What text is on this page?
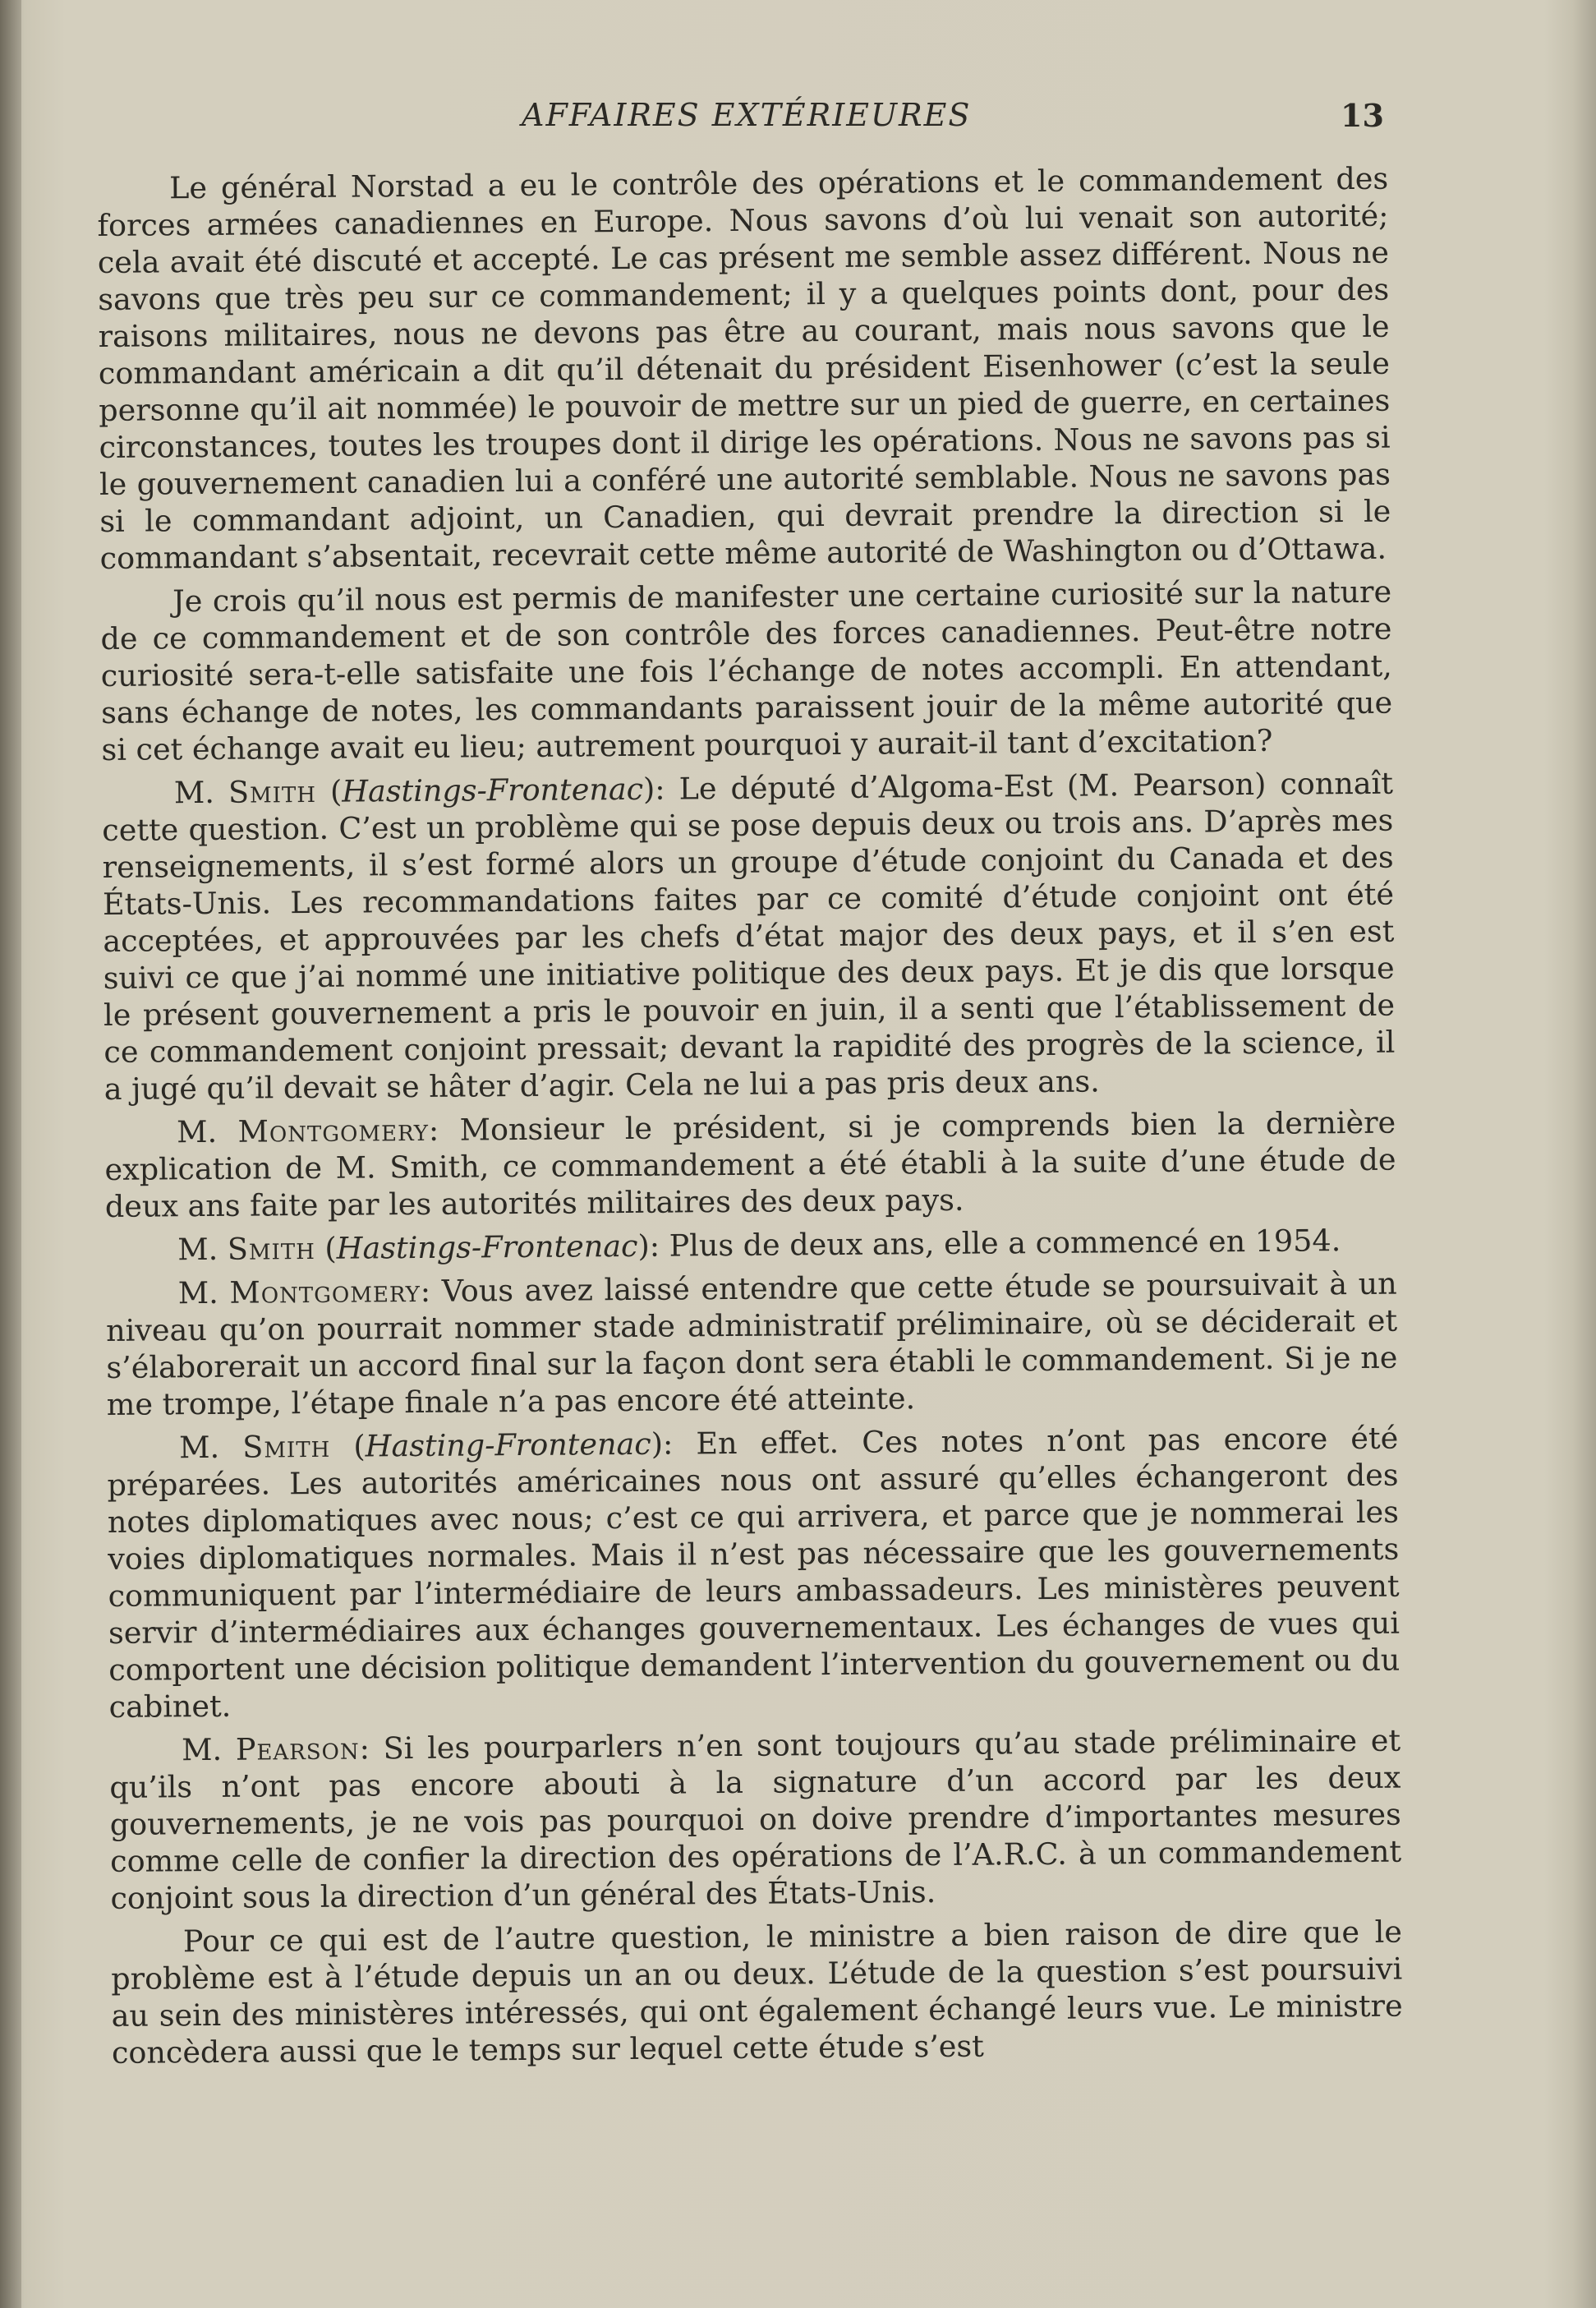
AFFAIRES EXTÉRIEURES	13

Le général Norstad a eu le contrôle des opérations et le commandement des forces armées canadiennes en Europe. Nous savons d’où lui venait son autorité; cela avait été discuté et accepté. Le cas présent me semble assez différent. Nous ne savons que très peu sur ce commandement; il y a quelques points dont, pour des raisons militaires, nous ne devons pas être au courant, mais nous savons que le commandant américain a dit qu’il détenait du président Eisenhower (c’est la seule personne qu’il ait nommée) le pouvoir de mettre sur un pied de guerre, en certaines circonstances, toutes les troupes dont il dirige les opérations. Nous ne savons pas si le gouvernement canadien lui a conféré une autorité semblable. Nous ne savons pas si le commandant adjoint, un Canadien, qui devrait prendre la direction si le commandant s’absentait, recevrait cette même autorité de Washington ou d’Ottawa.

Je crois qu’il nous est permis de manifester une certaine curiosité sur la nature de ce commandement et de son contrôle des forces canadiennes. Peut-être notre curiosité sera-t-elle satisfaite une fois l’échange de notes accompli. En attendant, sans échange de notes, les commandants paraissent jouir de la même autorité que si cet échange avait eu lieu; autrement pourquoi y aurait-il tant d’excitation?

M. Smith (Hastings-Frontenac): Le député d’Algoma-Est (M. Pearson) connaît cette question. C’est un problème qui se pose depuis deux ou trois ans. D’après mes renseignements, il s’est formé alors un groupe d’étude conjoint du Canada et des États-Unis. Les recommandations faites par ce comité d’étude conjoint ont été acceptées, et approuvées par les chefs d’état major des deux pays, et il s’en est suivi ce que j’ai nommé une initiative politique des deux pays. Et je dis que lorsque le présent gouvernement a pris le pouvoir en juin, il a senti que l’établissement de ce commandement conjoint pressait; devant la rapidité des progrès de la science, il a jugé qu’il devait se hâter d’agir. Cela ne lui a pas pris deux ans.

M. Montgomery: Monsieur le président, si je comprends bien la dernière explication de M. Smith, ce commandement a été établi à la suite d’une étude de deux ans faite par les autorités militaires des deux pays.

M. Smith (Hastings-Frontenac): Plus de deux ans, elle a commencé en 1954.

M. Montgomery: Vous avez laissé entendre que cette étude se poursuivait à un niveau qu’on pourrait nommer stade administratif préliminaire, où se déciderait et s’élaborerait un accord final sur la façon dont sera établi le commandement. Si je ne me trompe, l’étape finale n’a pas encore été atteinte.

M. Smith (Hasting-Frontenac): En effet. Ces notes n’ont pas encore été préparées. Les autorités américaines nous ont assuré qu’elles échangeront des notes diplomatiques avec nous; c’est ce qui arrivera, et parce que je nommerai les voies diplomatiques normales. Mais il n’est pas nécessaire que les gouvernements communiquent par l’intermédiaire de leurs ambassadeurs. Les ministères peuvent servir d’intermédiaires aux échanges gouvernementaux. Les échanges de vues qui comportent une décision politique demandent l’intervention du gouvernement ou du cabinet.

M. Pearson: Si les pourparlers n’en sont toujours qu’au stade préliminaire et qu’ils n’ont pas encore abouti à la signature d’un accord par les deux gouvernements, je ne vois pas pourquoi on doive prendre d’importantes mesures comme celle de confier la direction des opérations de l’A.R.C. à un commandement conjoint sous la direction d’un général des États-Unis.

Pour ce qui est de l’autre question, le ministre a bien raison de dire que le problème est à l’étude depuis un an ou deux. L’étude de la question s’est poursuivi au sein des ministères intéressés, qui ont également échangé leurs vue. Le ministre concèdera aussi que le temps sur lequel cette étude s’est
